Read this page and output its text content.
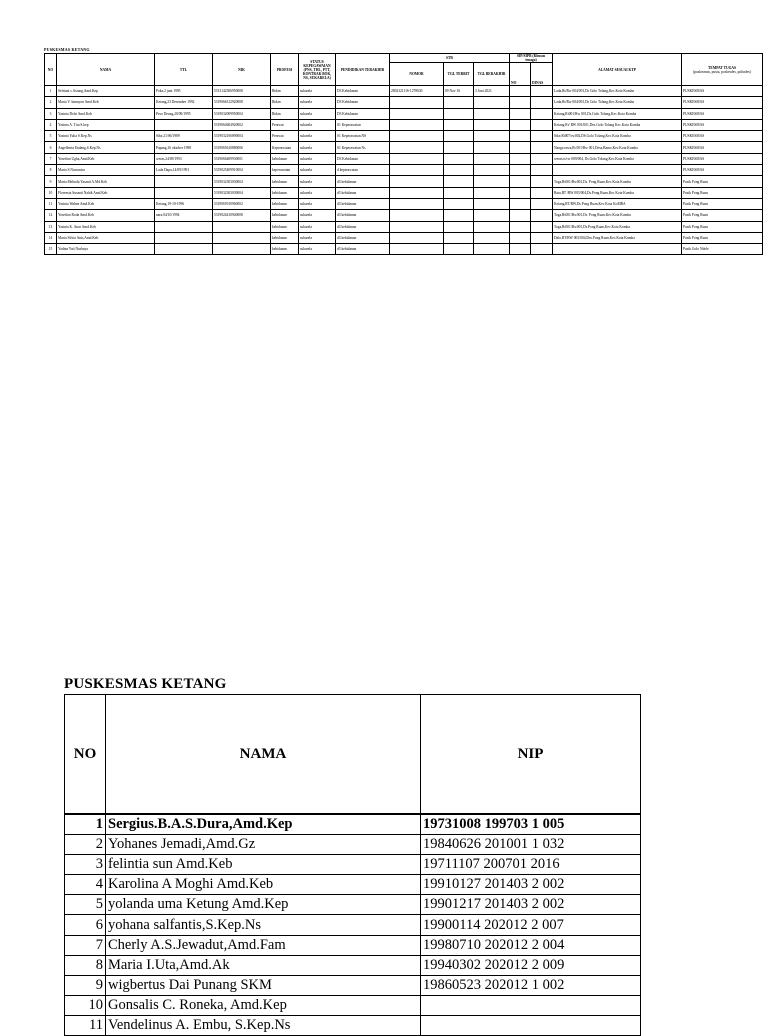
PUSKESMAS KETANG
NO	NAMA	TTL	NIK	PROFESI	STATUS KEPEGAWAIAN (PNS, THL, PTT, KONTRAK BOK, NS, SUKARELA)	PENDIDIKAN TERAKHIR	STR			SIP/SIPB (Khusus tenaga)		ALAMAT SESUAI KTP	TEMPAT TUGAS
(puskesmas, pustu, poskesdes, polindes)
							NOMOR	TGL TERBIT	TGL BERAKHIR	NO	DINAS		
1	Sefriani s.Astung,Amd.Kep	Poka,2 juni 1995	5313142306950008	Bidan	sukarela	D3 Kebidanan	2802321116-1278630	09 Nov 16	3 Juni 2021			Lada,Rt/Rw 004/001,Ds Golo Tolang,Kec.Kota Komba	PUSKESMAS
2	Maria V. Iamayon Amd.Keb	Ketang,23 Desember 1992	5319066312920008	Bidan	sukarela	D3 Kebidanan						Lada,Rt/Rw 004/001,Ds Golo Tolang,Kec.Kota Komba	PUSKESMAS
3	Yasinta Delsi Amd.Keb	Peso Deong,20/09/1995	5319032009950004	Bidan	sukarela	D3 Kebidanan						Ketang,Rt001/Rw 001,Ds.Golo Tolang,Kec.Kota Komba	PUSKESMAS
4	Yasinta A. Titu S.kep		5319064604920002	Perawat	sukarela	S1 Keperawatan						Ketang Rt/ RW 001/001,Des.Golo Tolang Kec.Kota Komba	PUSKESMAS
5	Yasinta Yulia S.Kep.Ns	Sike,21/06/1989	5319032106890004	Perawat	sukarela	S1 Keperawatan.NS						Sike,Rt007/rw002,DS.Golo Tolang,Kec.Kota Komba	PUSKESMAS
6	Angelberta Endang,S.Kep.Ns	Papang,16 oktober 1988	5319065610880006	Keperawatan	sukarela	S1 Keperawatan Ns						Nanga rawa,Rt 001/Rw 001,Desa,Bamo,Kec.Kota Komba	PUSKESMAS
7	Yosefina Ugha,Amd.Keb	weras,24/09/1993	5319066409930001	kebidanan	sukarela	D3 Kebidanan						weras,rt/rw 009/004, Ds.Golo Tolang,Kec.Kota Komba	PUSKESMAS
8	Maria S.Nawuntru	Lada Dapu,14/09/1991	5319025409910004	keperawatan	sukarela	d keperawatan							PUSKESMAS
9	Maria Melinda Yasanti A.Md.Keb		5319032303030004	kebidanan	sukarela	d3 kebidanan						Toga,Rt001/Rw001,Ds. Pong Ruan,Kec.Kota Komba	Pustk Pong Ruan
10	Florensia Susanti Nahik Amd.Keb		5319032303030004	kebidanan	sukarela	d3 kebidanan						Ratu,RT /RW 005/004,Ds.Pong Ruan,Kec Kota Komba	Pustk Pong Ruan
11	Yasinta Wahen Amd.Keb	Ketang,19-10-1996	5319065910960002	kebidanan	sukarela	d3 kebidanan						Ketang,RT/RW,Ds.Pong Ruan,Kec.Kota KoMBA	Pustk Pong Ruan
12	Yosefina Roda Amd.Keb	nara,04/10/1994	5319024410940008	kebidanan	sukarela	d3 kebidanan						Toga,Rt001/Rw001,Ds. Pong Ruan,Kec.Kota Komba	Pustk Pong Ruan
13	Yasinta K. Anur Amd.Keb			kebidanan	sukarela	d3 kebidanan						Toga,Rt001/Rw001,Ds.Pong Ruan,Kec.Kota Komba	Pustk Pong Ruan
14	Maria Silvia Anis,Amd.Keb			kebidanan	sukarela	d3 kebidanan						Dalo,RT/RW 003/004,Des.Pong Ruan,Kec.Kota Komba	Pustk Pong Ruan
15	Yadina Yati Nurhaya			kebidanan	sukarela	d3 kebidanan							Pustk Golo Ndele
PUSKESMAS KETANG
NO	NAMA	NIP
1	Sergius.B.A.S.Dura,Amd.Kep	19731008 199703 1 005
2	Yohanes Jemadi,Amd.Gz	19840626 201001 1 032
3	felintia sun Amd.Keb	19711107 200701 2016
4	Karolina A Moghi Amd.Keb	19910127 201403 2 002
5	yolanda uma Ketung Amd.Kep	19901217 201403 2 002
6	yohana salfantis,S.Kep.Ns	19900114 202012 2 007
7	Cherly A.S.Jewadut,Amd.Fam	19980710 202012 2 004
8	Maria I.Uta,Amd.Ak	19940302 202012 2 009
9	wigbertus Dai Punang SKM	19860523 202012 1 002
10	Gonsalis C. Roneka, Amd.Kep	
11	Vendelinus A. Embu, S.Kep.Ns	
